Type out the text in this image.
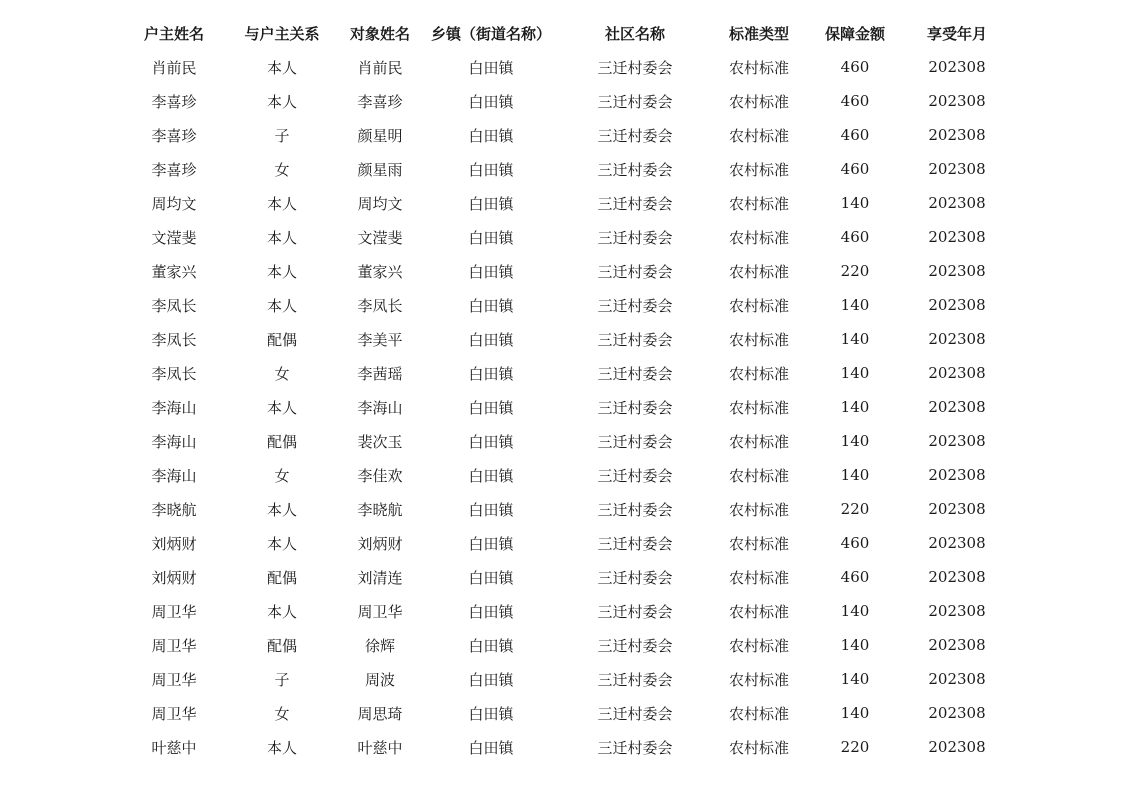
户主姓名	与户主关系	对象姓名	乡镇（街道名称）	社区名称	标准类型	保障金额	享受年月
肖前民	本人	肖前民	白田镇	三迁村委会	农村标准	460	202308
李喜珍	本人	李喜珍	白田镇	三迁村委会	农村标准	460	202308
李喜珍	子	颜星明	白田镇	三迁村委会	农村标准	460	202308
李喜珍	女	颜星雨	白田镇	三迁村委会	农村标准	460	202308
周均文	本人	周均文	白田镇	三迁村委会	农村标准	140	202308
文滢斐	本人	文滢斐	白田镇	三迁村委会	农村标准	460	202308
董家兴	本人	董家兴	白田镇	三迁村委会	农村标准	220	202308
李凤长	本人	李凤长	白田镇	三迁村委会	农村标准	140	202308
李凤长	配偶	李美平	白田镇	三迁村委会	农村标准	140	202308
李凤长	女	李茜瑶	白田镇	三迁村委会	农村标准	140	202308
李海山	本人	李海山	白田镇	三迁村委会	农村标准	140	202308
李海山	配偶	裴次玉	白田镇	三迁村委会	农村标准	140	202308
李海山	女	李佳欢	白田镇	三迁村委会	农村标准	140	202308
李晓航	本人	李晓航	白田镇	三迁村委会	农村标准	220	202308
刘炳财	本人	刘炳财	白田镇	三迁村委会	农村标准	460	202308
刘炳财	配偶	刘清连	白田镇	三迁村委会	农村标准	460	202308
周卫华	本人	周卫华	白田镇	三迁村委会	农村标准	140	202308
周卫华	配偶	徐辉	白田镇	三迁村委会	农村标准	140	202308
周卫华	子	周波	白田镇	三迁村委会	农村标准	140	202308
周卫华	女	周思琦	白田镇	三迁村委会	农村标准	140	202308
叶慈中	本人	叶慈中	白田镇	三迁村委会	农村标准	220	202308
